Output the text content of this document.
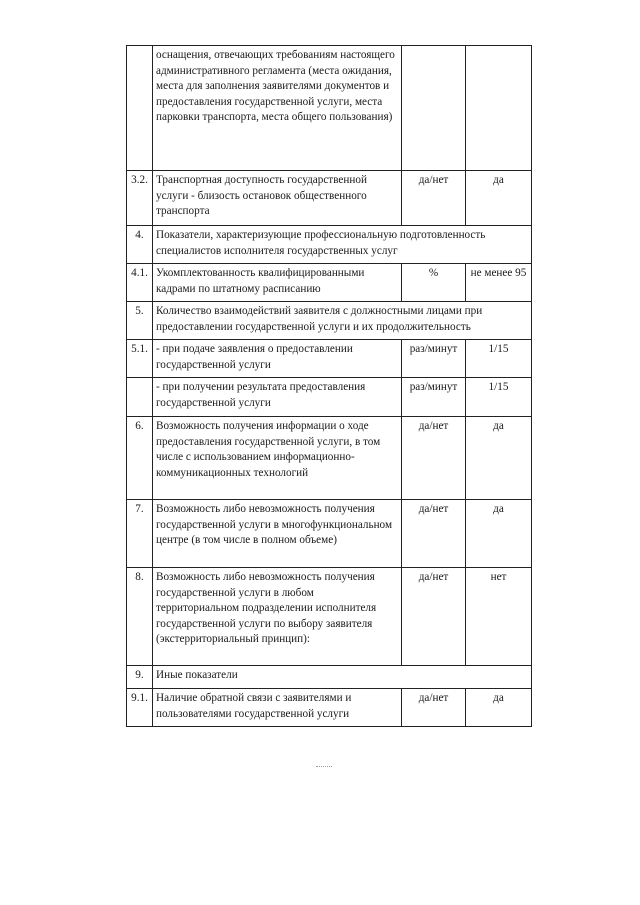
	оснащения, отвечающих требованиям настоящего административного регламента (места ожидания, места для заполнения заявителями документов и предоставления государственной услуги, места парковки транспорта, места общего пользования)		
3.2.	Транспортная доступность государственной услуги - близость остановок общественного транспорта	да/нет	да
4.	Показатели, характеризующие профессиональную подготовленность специалистов исполнителя государственных услуг		
4.1.	Укомплектованность квалифицированными кадрами по штатному расписанию	%	не менее 95
5.	Количество взаимодействий заявителя с должностными лицами при предоставлении государственной услуги и их продолжительность		
5.1.	- при подаче заявления о предоставлении государственной услуги	раз/минут	1/15
	- при получении результата предоставления государственной услуги	раз/минут	1/15
6.	Возможность получения информации о ходе предоставления государственной услуги, в том числе с использованием информационно-коммуникационных технологий	да/нет	да
7.	Возможность либо невозможность получения государственной услуги в многофункциональном центре (в том числе в полном объеме)	да/нет	да
8.	Возможность либо невозможность получения государственной услуги в любом территориальном подразделении исполнителя государственной услуги по выбору заявителя (экстерриториальный принцип):	да/нет	нет
9.	Иные показатели		
9.1.	Наличие обратной связи с заявителями и пользователями государственной услуги	да/нет	да
